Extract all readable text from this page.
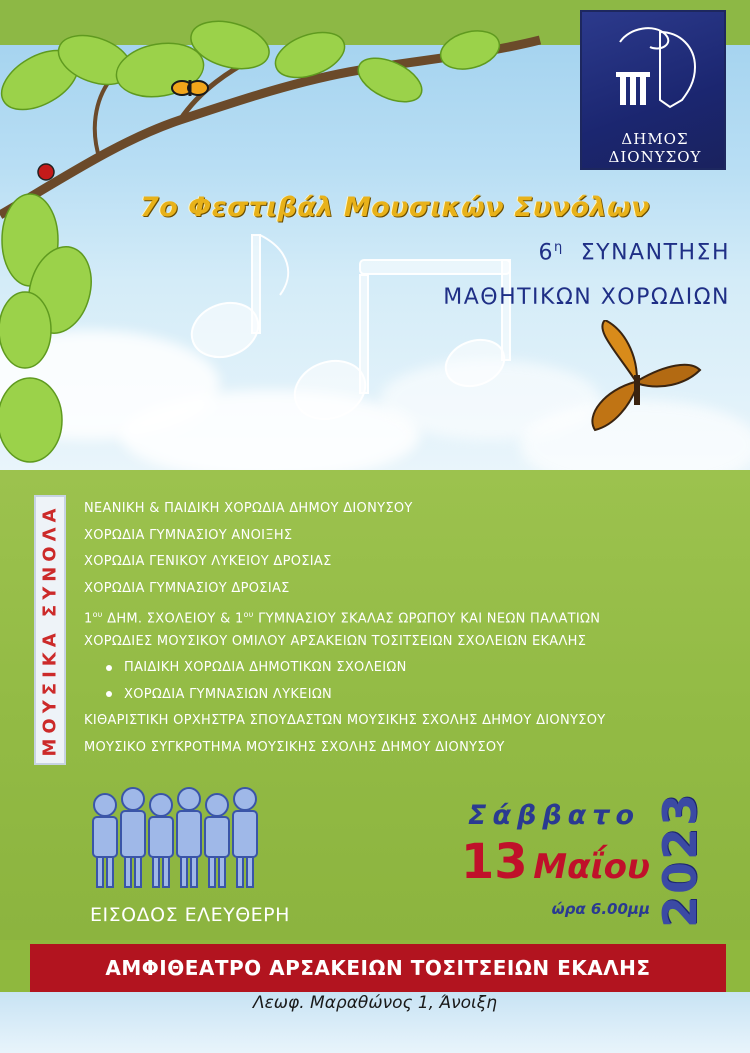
ΔΗΜΟΣ
ΔΙΟΝΥΣΟΥ
7ο Φεστιβάλ Μουσικών Συνόλων
$6^\eta$ ΣΥΝΑΝΤΗΣΗ
ΜΑΘΗΤΙΚΩΝ ΧΟΡΩΔΙΩΝ
ΜΟΥΣΙΚΑ ΣΥΝΟΛΑ ΝΕΑΝΙΚΗ & ΠΑΙΔΙΚΗ ΧΟΡΩΔΙΑ ΔΗΜΟΥ ΔΙΟΝΥΣΟΥ
ΧΟΡΩΔΙΑ ΓΥΜΝΑΣΙΟΥ ΑΝΟΙΞΗΣ
ΧΟΡΩΔΙΑ ΓΕΝΙΚΟΥ ΛΥΚΕΙΟΥ ΔΡΟΣΙΑΣ
ΧΟΡΩΔΙΑ ΓΥΜΝΑΣΙΟΥ ΔΡΟΣΙΑΣ
$1^{o\upsilon}$ ΔΗΜ. ΣΧΟΛΕΙΟΥ & $1^{o\upsilon}$ ΓΥΜΝΑΣΙΟΥ ΣΚΑΛΑΣ ΩΡΩΠΟΥ ΚΑΙ ΝΕΩΝ ΠΑΛΑΤΙΩΝ
ΧΟΡΩΔΙΕΣ ΜΟΥΣΙΚΟΥ ΟΜΙΛΟΥ ΑΡΣΑΚΕΙΩΝ ΤΟΣΙΤΣΕΙΩΝ ΣΧΟΛΕΙΩΝ ΕΚΑΛΗΣ
ΠΑΙΔΙΚΗ ΧΟΡΩΔΙΑ ΔΗΜΟΤΙΚΩΝ ΣΧΟΛΕΙΩΝ
ΧΟΡΩΔΙΑ ΓΥΜΝΑΣΙΩΝ ΛΥΚΕΙΩΝ
ΚΙΘΑΡΙΣΤΙΚΗ ΟΡΧΗΣΤΡΑ ΣΠΟΥΔΑΣΤΩΝ ΜΟΥΣΙΚΗΣ ΣΧΟΛΗΣ ΔΗΜΟΥ ΔΙΟΝΥΣΟΥ
ΜΟΥΣΙΚΟ ΣΥΓΚΡΟΤΗΜΑ ΜΟΥΣΙΚΗΣ ΣΧΟΛΗΣ ΔΗΜΟΥ ΔΙΟΝΥΣΟΥ
ΕΙΣΟΔΟΣ ΕΛΕΥΘΕΡΗ
Σάββατο
13 Μαΐου
ώρα 6.00μμ 2023
ΑΜΦΙΘΕΑΤΡΟ ΑΡΣΑΚΕΙΩΝ ΤΟΣΙΤΣΕΙΩΝ ΕΚΑΛΗΣ
Λεωφ. Μαραθώνος 1, Άνοιξη
